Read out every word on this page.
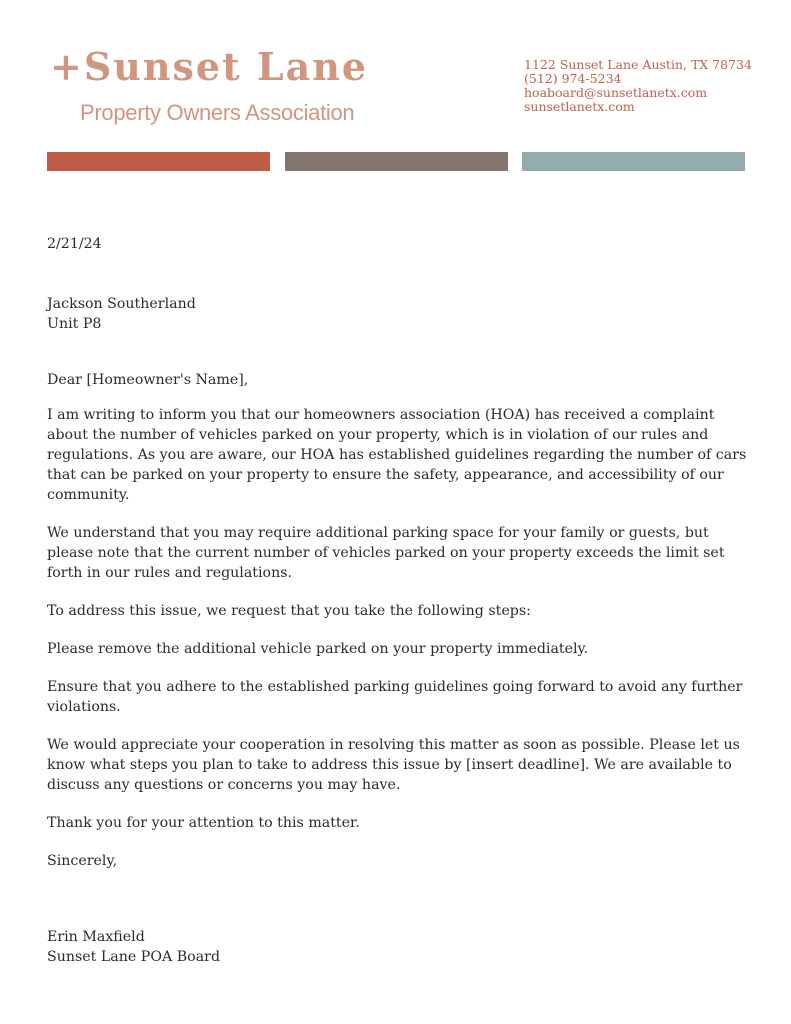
+Sunset Lane
Property Owners Association
1122 Sunset Lane Austin, TX 78734
(512) 974-5234
hoaboard@sunsetlanetx.com
sunsetlanetx.com

2/21/24

Jackson Southerland

Unit P8

Dear [Homeowner's Name],

I am writing to inform you that our homeowners association (HOA) has received a complaint about the number of vehicles parked on your property, which is in violation of our rules and regulations. As you are aware, our HOA has established guidelines regarding the number of cars that can be parked on your property to ensure the safety, appearance, and accessibility of our community.

We understand that you may require additional parking space for your family or guests, but please note that the current number of vehicles parked on your property exceeds the limit set forth in our rules and regulations.

To address this issue, we request that you take the following steps:

Please remove the additional vehicle parked on your property immediately.

Ensure that you adhere to the established parking guidelines going forward to avoid any further violations.

We would appreciate your cooperation in resolving this matter as soon as possible. Please let us know what steps you plan to take to address this issue by [insert deadline]. We are available to discuss any questions or concerns you may have.

Thank you for your attention to this matter.

Sincerely,

Erin Maxfield

Sunset Lane POA Board
